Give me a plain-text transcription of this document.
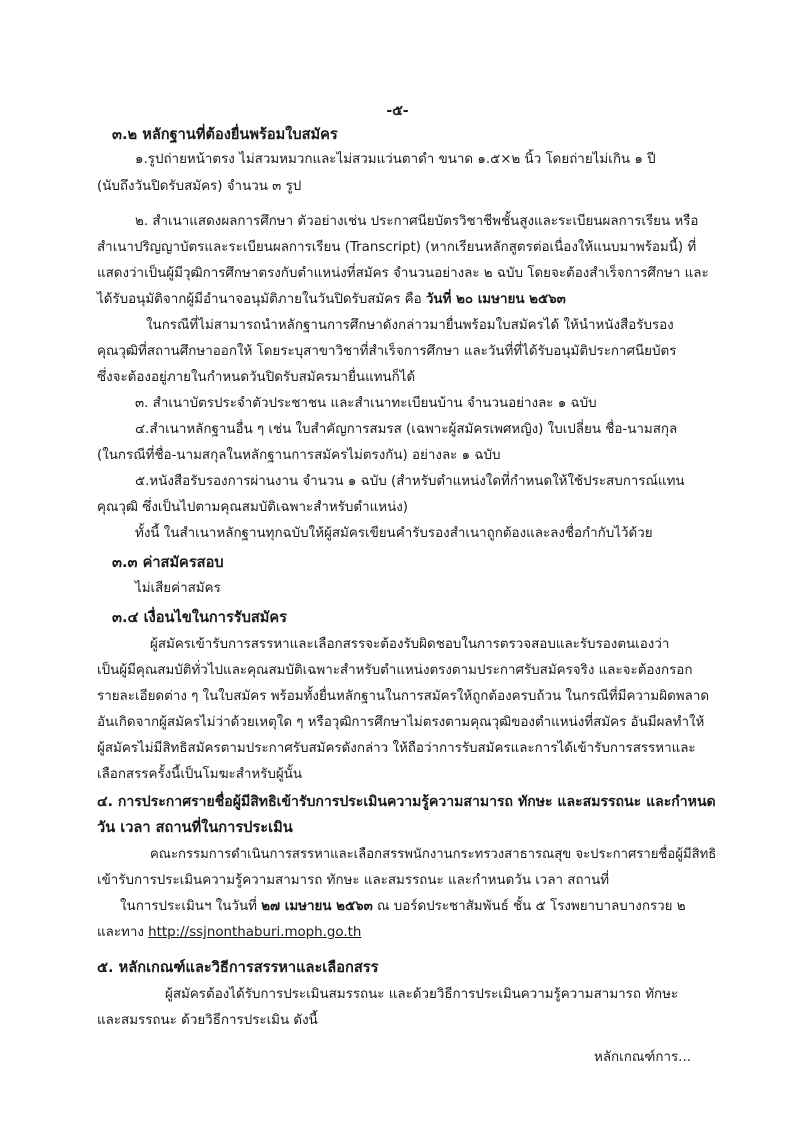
-๕-
๓.๒ หลักฐานที่ต้องยื่นพร้อมใบสมัคร
๑.รูปถ่ายหน้าตรง ไม่สวมหมวกและไม่สวมแว่นตาดำ ขนาด ๑.๕×๒ นิ้ว โดยถ่ายไม่เกิน ๑ ปี
(นับถึงวันปิดรับสมัคร) จำนวน ๓ รูป
๒. สำเนาแสดงผลการศึกษา ตัวอย่างเช่น ประกาศนียบัตรวิชาชีพชั้นสูงและระเบียนผลการเรียน หรือ
สำเนาปริญญาบัตรและระเบียนผลการเรียน (Transcript) (หากเรียนหลักสูตรต่อเนื่องให้แนบมาพร้อมนี้) ที่
แสดงว่าเป็นผู้มีวุฒิการศึกษาตรงกับตำแหน่งที่สมัคร จำนวนอย่างละ ๒ ฉบับ โดยจะต้องสำเร็จการศึกษา และ
ได้รับอนุมัติจากผู้มีอำนาจอนุมัติภายในวันปิดรับสมัคร คือ วันที่ ๒๐ เมษายน ๒๕๖๓
ในกรณีที่ไม่สามารถนำหลักฐานการศึกษาดังกล่าวมายื่นพร้อมใบสมัครได้ ให้นำหนังสือรับรอง
คุณวุฒิที่สถานศึกษาออกให้ โดยระบุสาขาวิชาที่สำเร็จการศึกษา และวันที่ที่ได้รับอนุมัติประกาศนียบัตร
ซึ่งจะต้องอยู่ภายในกำหนดวันปิดรับสมัครมายื่นแทนก็ได้
๓. สำเนาบัตรประจำตัวประชาชน และสำเนาทะเบียนบ้าน จำนวนอย่างละ ๑ ฉบับ
๔.สำเนาหลักฐานอื่น ๆ เช่น ใบสำคัญการสมรส (เฉพาะผู้สมัครเพศหญิง) ใบเปลี่ยน ชื่อ-นามสกุล
(ในกรณีที่ชื่อ-นามสกุลในหลักฐานการสมัครไม่ตรงกัน) อย่างละ ๑ ฉบับ
๕.หนังสือรับรองการผ่านงาน จำนวน ๑ ฉบับ (สำหรับตำแหน่งใดที่กำหนดให้ใช้ประสบการณ์แทน
คุณวุฒิ ซึ่งเป็นไปตามคุณสมบัติเฉพาะสำหรับตำแหน่ง)
ทั้งนี้ ในสำเนาหลักฐานทุกฉบับให้ผู้สมัครเขียนคำรับรองสำเนาถูกต้องและลงชื่อกำกับไว้ด้วย
๓.๓ ค่าสมัครสอบ
ไม่เสียค่าสมัคร
๓.๔ เงื่อนไขในการรับสมัคร
ผู้สมัครเข้ารับการสรรหาและเลือกสรรจะต้องรับผิดชอบในการตรวจสอบและรับรองตนเองว่า
เป็นผู้มีคุณสมบัติทั่วไปและคุณสมบัติเฉพาะสำหรับตำแหน่งตรงตามประกาศรับสมัครจริง และจะต้องกรอก
รายละเอียดต่าง ๆ ในใบสมัคร พร้อมทั้งยื่นหลักฐานในการสมัครให้ถูกต้องครบถ้วน ในกรณีที่มีความผิดพลาด
อันเกิดจากผู้สมัครไม่ว่าด้วยเหตุใด ๆ หรือวุฒิการศึกษาไม่ตรงตามคุณวุฒิของตำแหน่งที่สมัคร อันมีผลทำให้
ผู้สมัครไม่มีสิทธิสมัครตามประกาศรับสมัครดังกล่าว ให้ถือว่าการรับสมัครและการได้เข้ารับการสรรหาและ
เลือกสรรครั้งนี้เป็นโมฆะสำหรับผู้นั้น
๔. การประกาศรายชื่อผู้มีสิทธิเข้ารับการประเมินความรู้ความสามารถ ทักษะ และสมรรถนะ และกำหนด
วัน เวลา สถานที่ในการประเมิน
คณะกรรมการดำเนินการสรรหาและเลือกสรรพนักงานกระทรวงสาธารณสุข จะประกาศรายชื่อผู้มีสิทธิ
เข้ารับการประเมินความรู้ความสามารถ ทักษะ และสมรรถนะ และกำหนดวัน เวลา สถานที่
ในการประเมินฯ ในวันที่ ๒๗ เมษายน ๒๕๖๓ ณ บอร์ดประชาสัมพันธ์ ชั้น ๕ โรงพยาบาลบางกรวย ๒
และทาง http://ssjnonthaburi.moph.go.th
๕. หลักเกณฑ์และวิธีการสรรหาและเลือกสรร
ผู้สมัครต้องได้รับการประเมินสมรรถนะ และด้วยวิธีการประเมินความรู้ความสามารถ ทักษะ
และสมรรถนะ ด้วยวิธีการประเมิน ดังนี้
หลักเกณฑ์การ...
